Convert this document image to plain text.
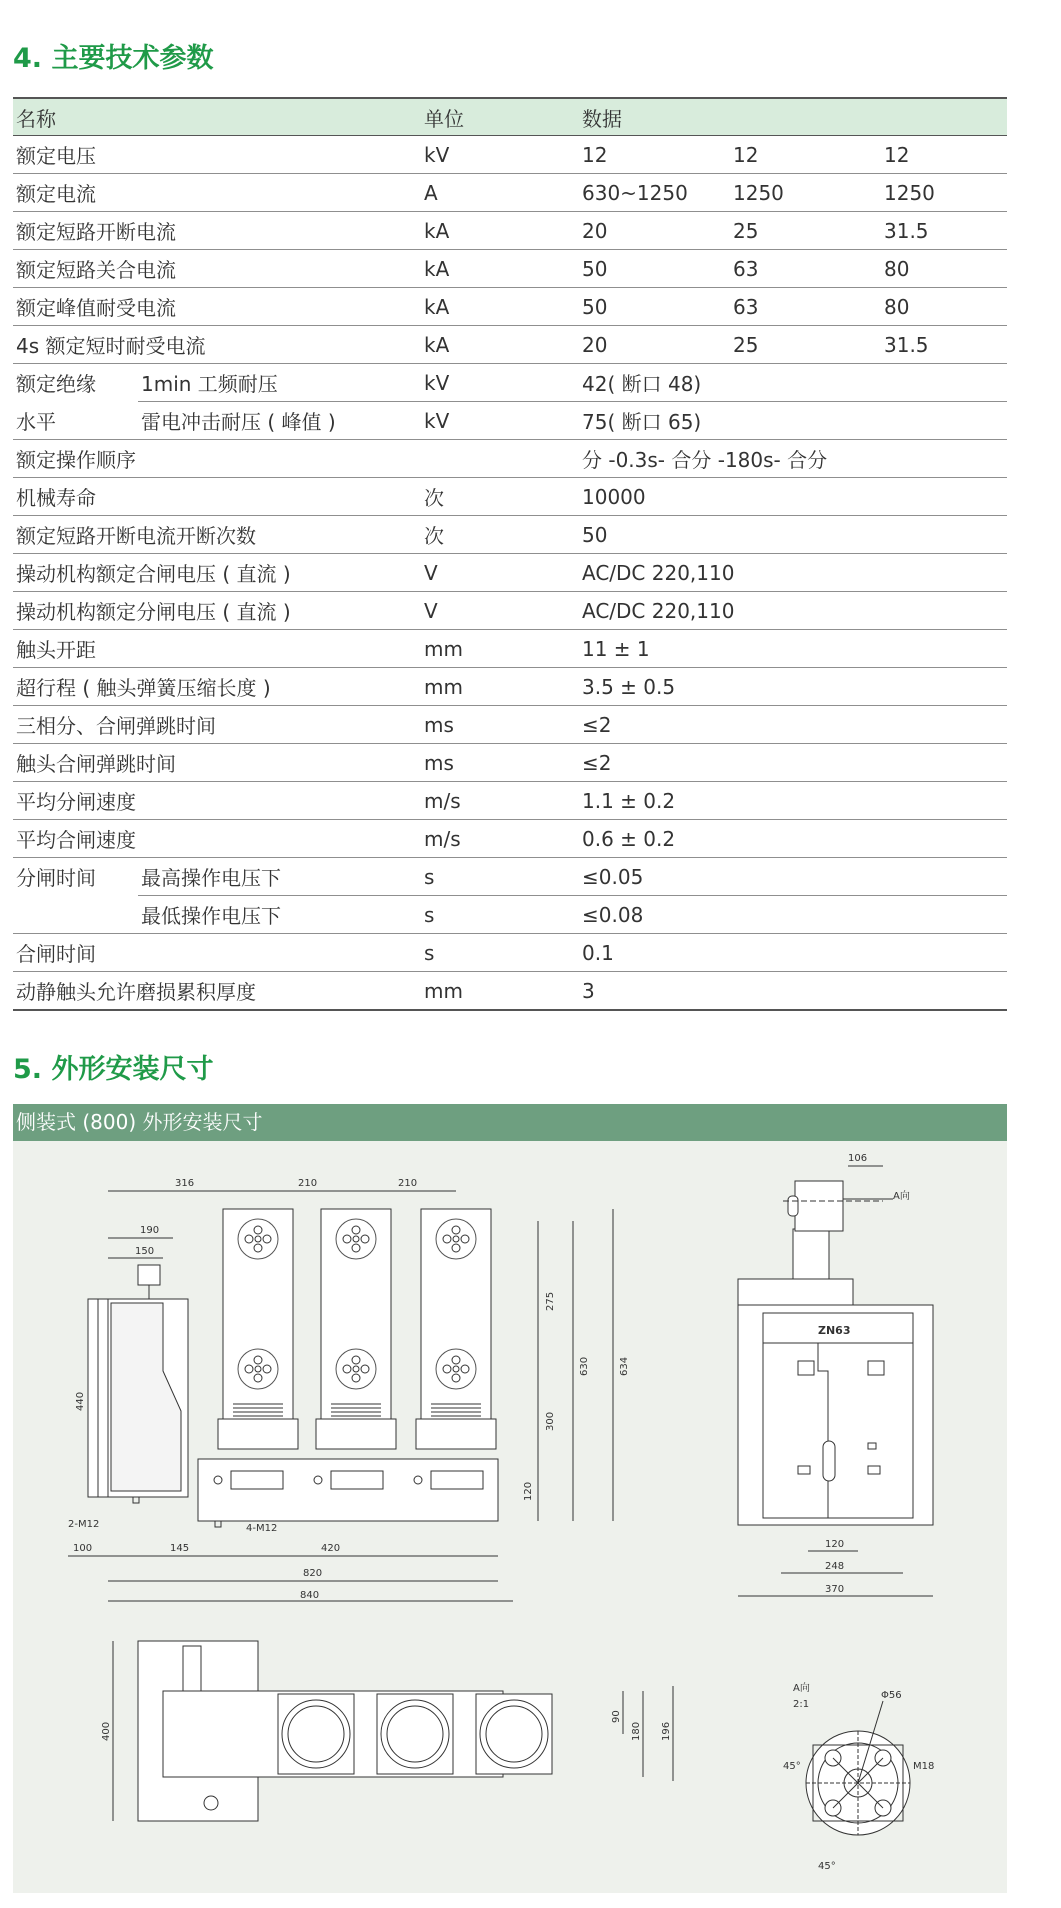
4. 主要技术参数
名称		单位	数据		
额定电压		kV	12	12	12
额定电流		A	630~1250	1250	1250
额定短路开断电流		kA	20	25	31.5
额定短路关合电流		kA	50	63	80
额定峰值耐受电流		kA	50	63	80
4s 额定短时耐受电流		kA	20	25	31.5
额定绝缘	1min 工频耐压	kV	42( 断口 48)		
水平	雷电冲击耐压 ( 峰值 )	kV	75( 断口 65)		
额定操作顺序			分 -0.3s- 合分 -180s- 合分		
机械寿命		次	10000		
额定短路开断电流开断次数		次	50		
操动机构额定合闸电压 ( 直流 )		V	AC/DC 220,110		
操动机构额定分闸电压 ( 直流 )		V	AC/DC 220,110		
触头开距		mm	11 ± 1		
超行程 ( 触头弹簧压缩长度 )		mm	3.5 ± 0.5		
三相分、合闸弹跳时间		ms	≤2		
触头合闸弹跳时间		ms	≤2		
平均分闸速度		m/s	1.1 ± 0.2		
平均合闸速度		m/s	0.6 ± 0.2		
分闸时间	最高操作电压下	s	≤0.05		
	最低操作电压下	s	≤0.08		
合闸时间		s	0.1		
动静触头允许磨损累积厚度		mm	3		
5. 外形安装尺寸
侧装式 (800) 外形安装尺寸
316	210	210
190
150
440
275
630	634
300
120
2-M12	4-M12
100	145	420
820
840
106
A向
ZN63
120
248
370
400
90
180 196
A向
2:1
Φ56
45°	M18
45°
